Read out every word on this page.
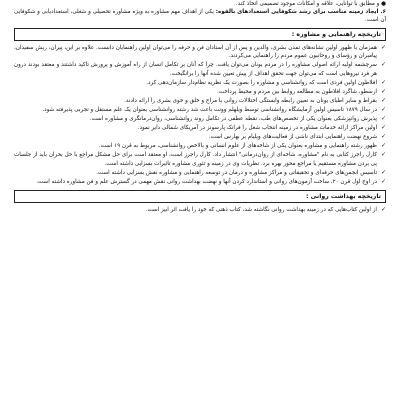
● و مطابق با توانایی، علاقه و امکانات موجود تصمیمی اتخاذ کند.

۶. ایجاد زمینه مناسب برای رشد شکوفایی استعدادهای بالقوه: یکی از اهداف مهم مشاوره به ویژه مشاوره تحصیلی و شغلی، استعدادیابی و شکوفایی آن است.

تاریخچه راهنمایی و مشاوره :
✓
همزمان با ظهور اولین نشانه‌های تمدن بشری، والدین و پس از آن استادان فن و حرفه را می‌توان اولین راهنمایان دانست. علاوه بر این، پیران، ریش سفیدان، پیامبران و رؤسای و روحانیون عموم مردم را راهنمایی می‌کردند.
✓
سرچشمه اولیه ارائه اصولی مشاوره را در مردم یونان می‌توان یافت. چرا که آنان بر تکامل انسان از راه آموزش و پرورش تاکید داشتند و معتقد بودند درون هر فرد نیروهایی است که می‌توان جهت تحقق اهداف از پیش تعیین شده آنها را برانگیخت.
✓
افلاطون اولین فردی است که روانشناسی و مشاوره را بصورت یک نظریه نظام‌دار سازمان‌دهی کرد.
✓
ارسطو، شاگرد افلاطون به مطالعه روابط بین مردم و محیط پرداخت.
✓
بقراط و سایر اطبای یونان به تعیین رابطه وابستگی اختلالات روانی با مزاج و خلق و خوی بشری را ارائه دادند.
✓
در سال ۱۸۷۹ تاسیس اولین آزمایشگاه روانشناسی توسط ویلهلم وونت باعث شد رشته روانشناسی بعنوان یک علم مستقل و تجربی پذیرفته شود.
✓
پذیرش روانپزشکی بعنوان یکی از تخصص‌های طب، نقطه عطفی در تکامل روند روانشناسی، روان‌درمانگری و مشاوره است.
✓
اولین مراکز ارائه خدمات مشاوره در زمینه انتخاب شغل را فرانک پارسونز در آمریکای شمالی دایر نمود.
✓
شروع نهضت راهنمایی ابتدای ناشی از فعالیت‌های ویلیام بر بهارس است.
✓
ظهور رشته راهنمایی و مشاوره بعنوان یکی از شاخه‌های از علوم انسانی و بالاخص روانشناسی، مربوط به قرن ۱۹ است.
✓
کارل راجرز کتابی به نام "مشاوره، شاخه‌ای از روان‌درمانی" انتشار داد. کارل راجرز است، او معتقد است برای حل مشکل مراجع یا حل بحران باید از جلسات پی بردن مشاوره مستقیم یا مراجع محور بهره برد. نظریات وی در زمینه و تئوری مشاوره تاثیرات بسزایی داشته است.
✓
تاسیس انجمن‌های حرفه‌ای و تحقیقاتی و مراکز مشاوره و درمان در توسعه راهنمایی و مشاوره نقش بسزایی داشته است.
✓
در اوج اول قرن ۲۰، ساخت آزمون‌های روانی و استاندارد کردن آنها و نهضت بهداشت روانی نقش مهمی در گسترش علم و فن مشاوره داشته است.
تاریخچه بهداشت روانی :
✓
از اولین کتاب‌هایی که در زمینه بهداشت روانی نگاشته شد، کتاب ذهنی که خود را یافت اثر ابیز است.
